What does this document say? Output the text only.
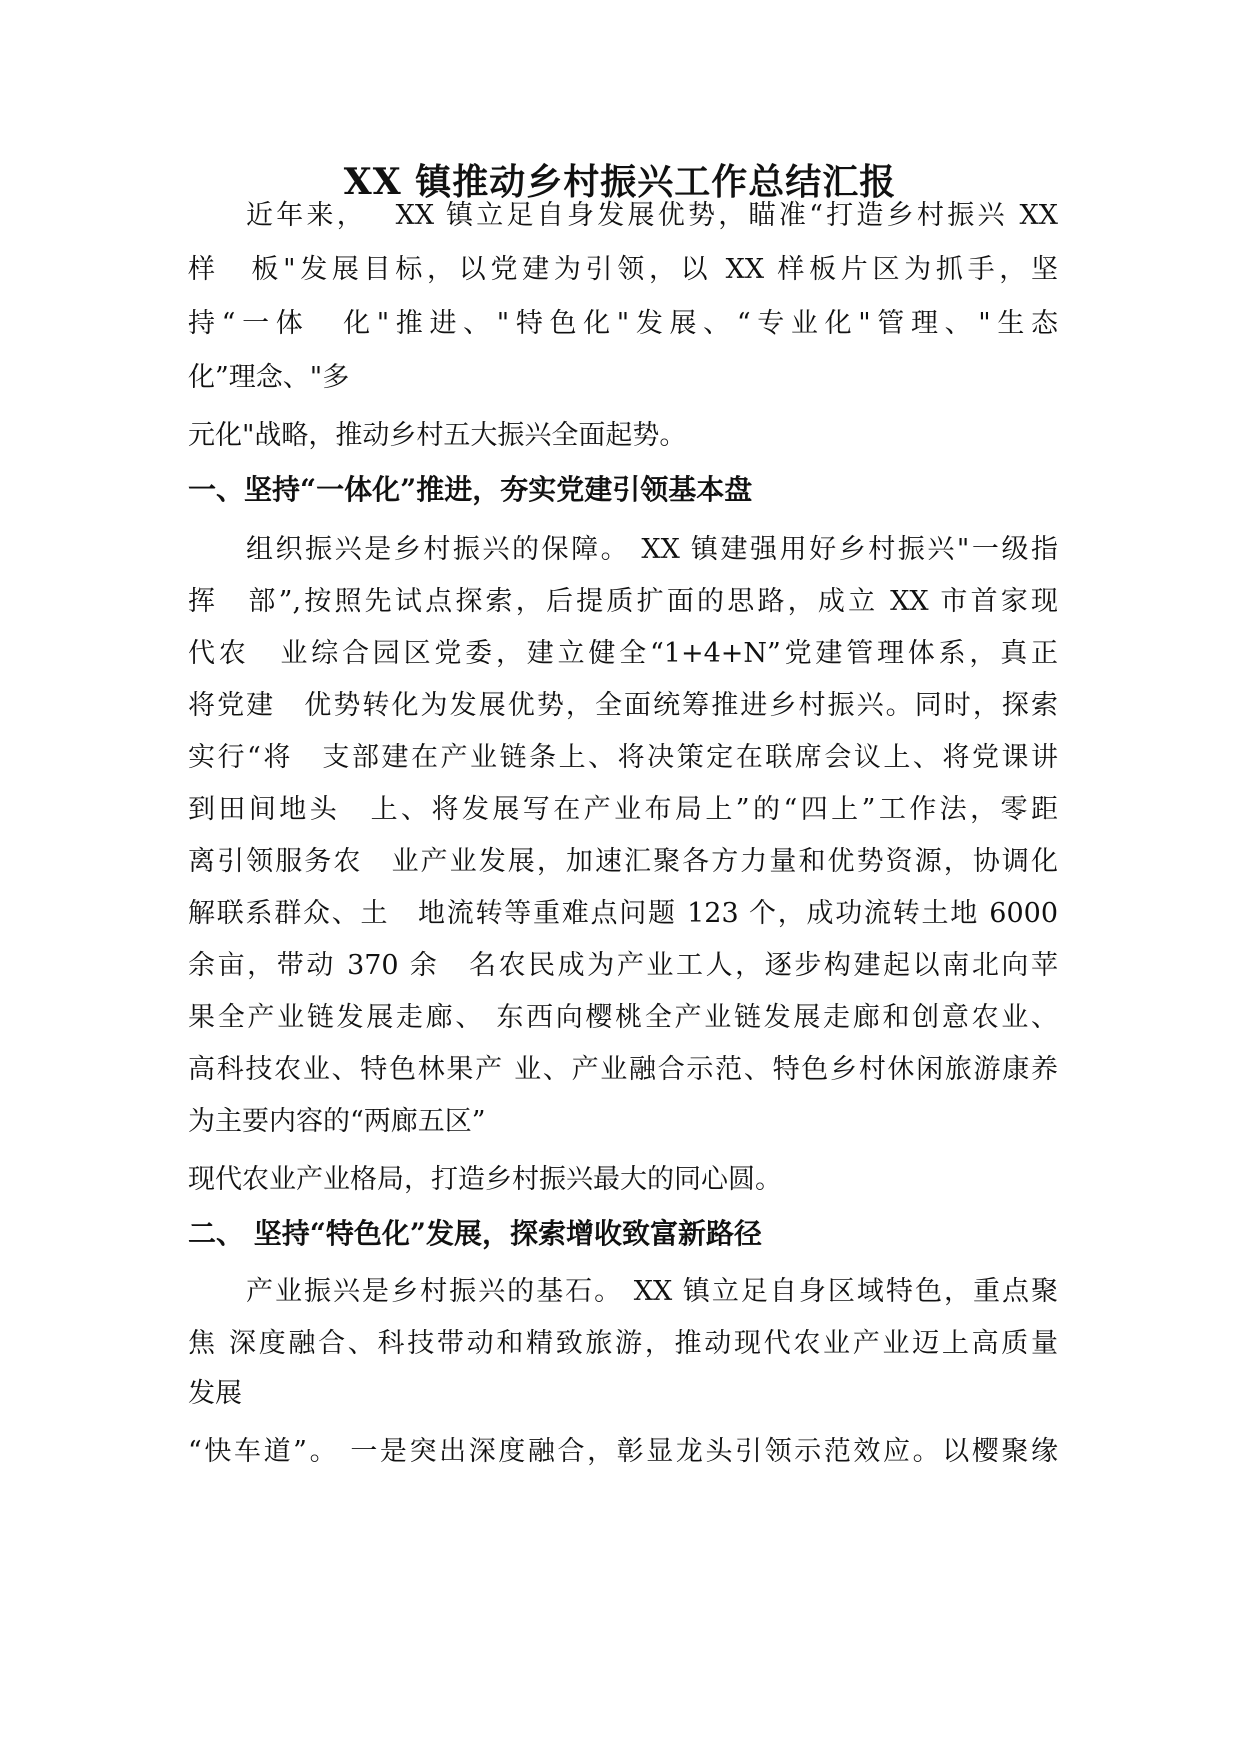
XX 镇推动乡村振兴工作总结汇报
近年来，　 XX 镇立足自身发展优势，瞄准“打造乡村振兴 XX
样　板"发展目标，以党建为引领，以 XX 样板片区为抓手，坚
持“一体　化"推进、"特色化"发展、“专业化"管理、"生态
化”理念、"多
元化"战略，推动乡村五大振兴全面起势。
一、坚持“一体化”推进，夯实党建引领基本盘
组织振兴是乡村振兴的保障。 XX 镇建强用好乡村振兴"一级指
挥　部”,按照先试点探索，后提质扩面的思路，成立 XX 市首家现
代农　业综合园区党委，建立健全“1+4+N”党建管理体系，真正
将党建　优势转化为发展优势，全面统筹推进乡村振兴。同时，探索
实行“将　支部建在产业链条上、将决策定在联席会议上、将党课讲
到田间地头　上、将发展写在产业布局上”的“四上”工作法，零距
离引领服务农　业产业发展，加速汇聚各方力量和优势资源，协调化
解联系群众、土　地流转等重难点问题 123 个，成功流转土地 6000
余亩，带动 370 余　名农民成为产业工人，逐步构建起以南北向苹
果全产业链发展走廊、 东西向樱桃全产业链发展走廊和创意农业、
高科技农业、特色林果产 业、产业融合示范、特色乡村休闲旅游康养
为主要内容的“两廊五区”
现代农业产业格局，打造乡村振兴最大的同心圆。
二、 坚持“特色化”发展，探索增收致富新路径
产业振兴是乡村振兴的基石。 XX 镇立足自身区域特色，重点聚
焦 深度融合、科技带动和精致旅游，推动现代农业产业迈上高质量
发展
“快车道”。 一是突出深度融合，彰显龙头引领示范效应。以樱聚缘
